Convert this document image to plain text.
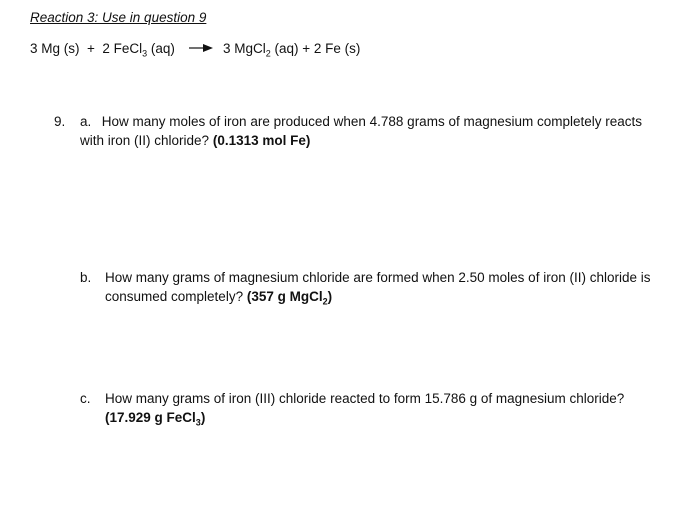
Reaction 3: Use in question 9
3 Mg (s)  +  2 FeCl$_3$ (aq) → 3 MgCl$_2$ (aq) + 2 Fe (s)
9. a. How many moles of iron are produced when 4.788 grams of magnesium completely reacts
with iron (II) chloride? (0.1313 mol Fe)
b. How many grams of magnesium chloride are formed when 2.50 moles of iron (II) chloride is
consumed completely? (357 g MgCl$_2$)
c. How many grams of iron (III) chloride reacted to form 15.786 g of magnesium chloride?
(17.929 g FeCl$_3$)
